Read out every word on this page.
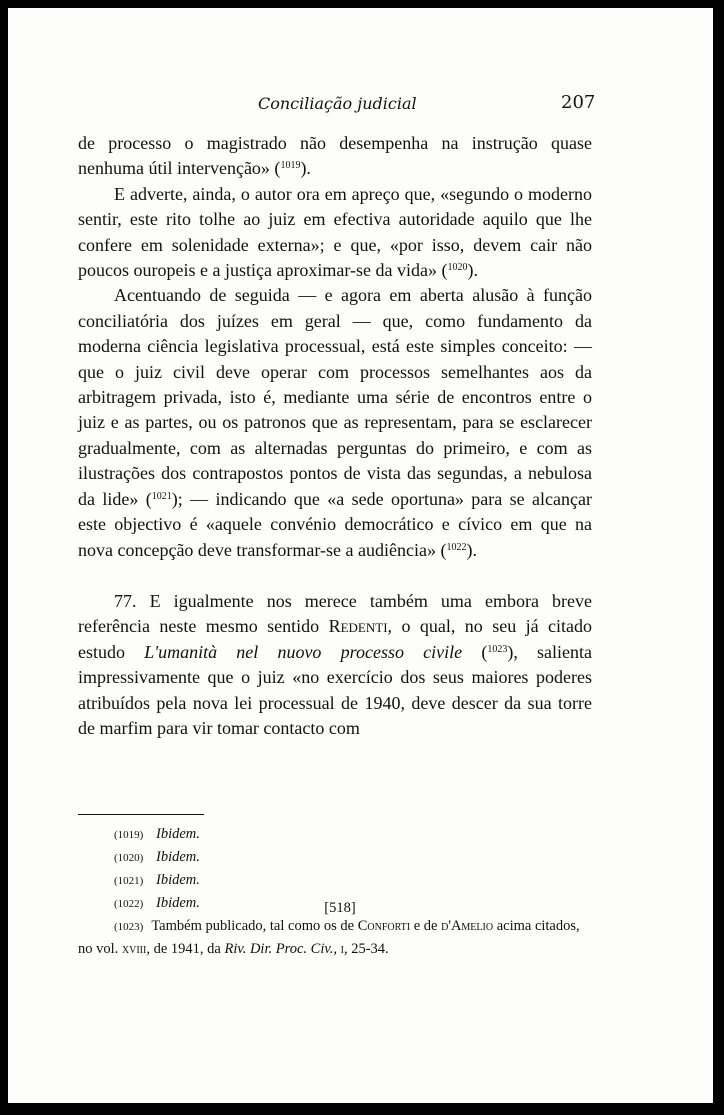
Conciliação judicial	207

de processo o magistrado não desempenha na instrução quase nenhuma útil intervenção» ($^{1019}$).

E adverte, ainda, o autor ora em apreço que, «segundo o moderno sentir, este rito tolhe ao juiz em efectiva autoridade aquilo que lhe confere em solenidade externa»; e que, «por isso, devem cair não poucos ouropeis e a justiça aproximar-se da vida» ($^{1020}$).

Acentuando de seguida — e agora em aberta alusão à função conciliatória dos juízes em geral — que, como fundamento da moderna ciência legislativa processual, está este simples conceito: — que o juiz civil deve operar com processos semelhantes aos da arbitragem privada, isto é, mediante uma série de encontros entre o juiz e as partes, ou os patronos que as representam, para se esclarecer gradualmente, com as alternadas perguntas do primeiro, e com as ilustrações dos contrapostos pontos de vista das segundas, a nebulosa da lide» ($^{1021}$); — indicando que «a sede oportuna» para se alcançar este objectivo é «aquele convénio democrático e cívico em que na nova concepção deve transformar-se a audiência» ($^{1022}$).

77. E igualmente nos merece também uma embora breve referência neste mesmo sentido Redenti, o qual, no seu já citado estudo L'umanità nel nuovo processo civile ($^{1023}$), salienta impressivamente que o juiz «no exercício dos seus maiores poderes atribuídos pela nova lei processual de 1940, deve descer da sua torre de marfim para vir tomar contacto com

(1019) Ibidem.

(1020) Ibidem.

(1021) Ibidem.

(1022) Ibidem.

(1023) Também publicado, tal como os de Conforti e de d'Amelio acima citados, no vol. xviii, de 1941, da Riv. Dir. Proc. Civ., i, 25-34.

[518]
